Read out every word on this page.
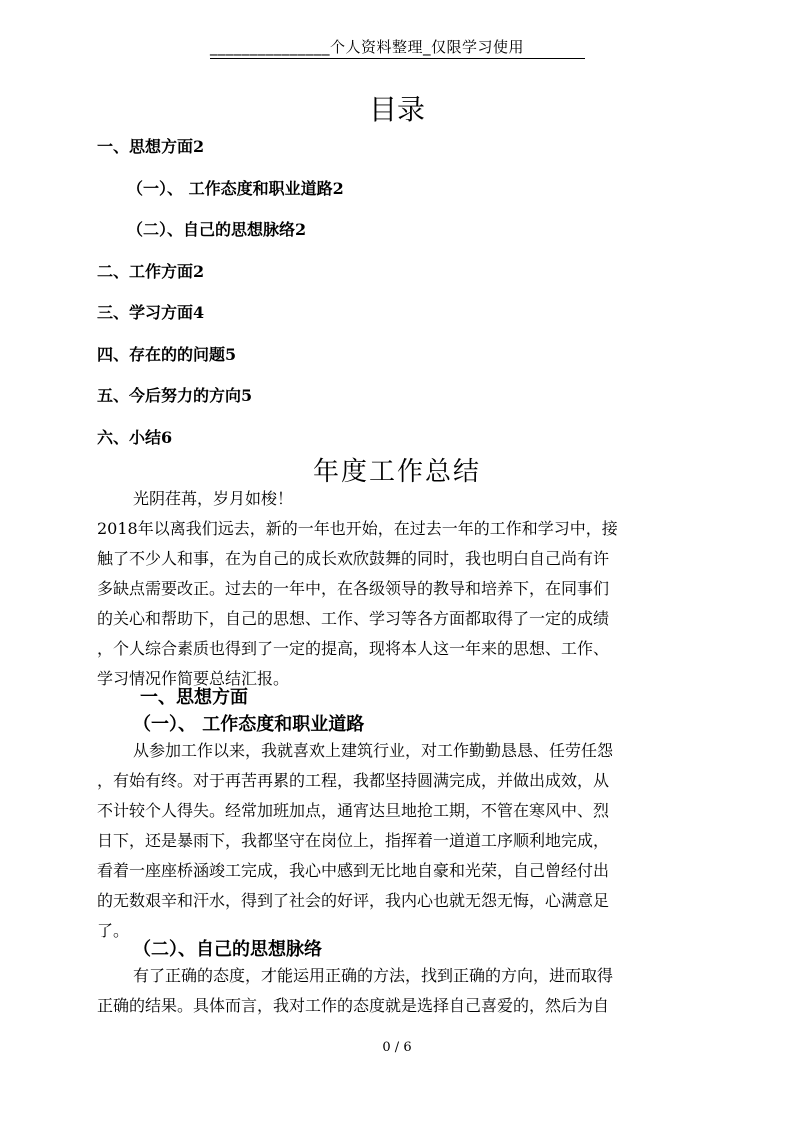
_______________个人资料整理_仅限学习使用
目录
一、思想方面2
（一）、 工作态度和职业道路2
（二）、自己的思想脉络2
二、工作方面2
三、学习方面4
四、存在的的问题5
五、今后努力的方向5
六、小结6
年度工作总结
光阴荏苒，岁月如梭！
2018年以离我们远去，新的一年也开始，在过去一年的工作和学习中，接
触了不少人和事，在为自己的成长欢欣鼓舞的同时，我也明白自己尚有许
多缺点需要改正。过去的一年中，在各级领导的教导和培养下，在同事们
的关心和帮助下，自己的思想、工作、学习等各方面都取得了一定的成绩
，个人综合素质也得到了一定的提高，现将本人这一年来的思想、工作、
学习情况作简要总结汇报。
一、思想方面
（一）、 工作态度和职业道路
从参加工作以来，我就喜欢上建筑行业，对工作勤勤恳恳、任劳任怨
，有始有终。对于再苦再累的工程，我都坚持圆满完成，并做出成效，从
不计较个人得失。经常加班加点，通宵达旦地抢工期，不管在寒风中、烈
日下，还是暴雨下，我都坚守在岗位上，指挥着一道道工序顺利地完成，
看着一座座桥涵竣工完成，我心中感到无比地自豪和光荣，自己曾经付出
的无数艰辛和汗水，得到了社会的好评，我内心也就无怨无悔，心满意足
了。
（二）、自己的思想脉络
有了正确的态度，才能运用正确的方法，找到正确的方向，进而取得
正确的结果。具体而言，我对工作的态度就是选择自己喜爱的，然后为自
0 / 6
